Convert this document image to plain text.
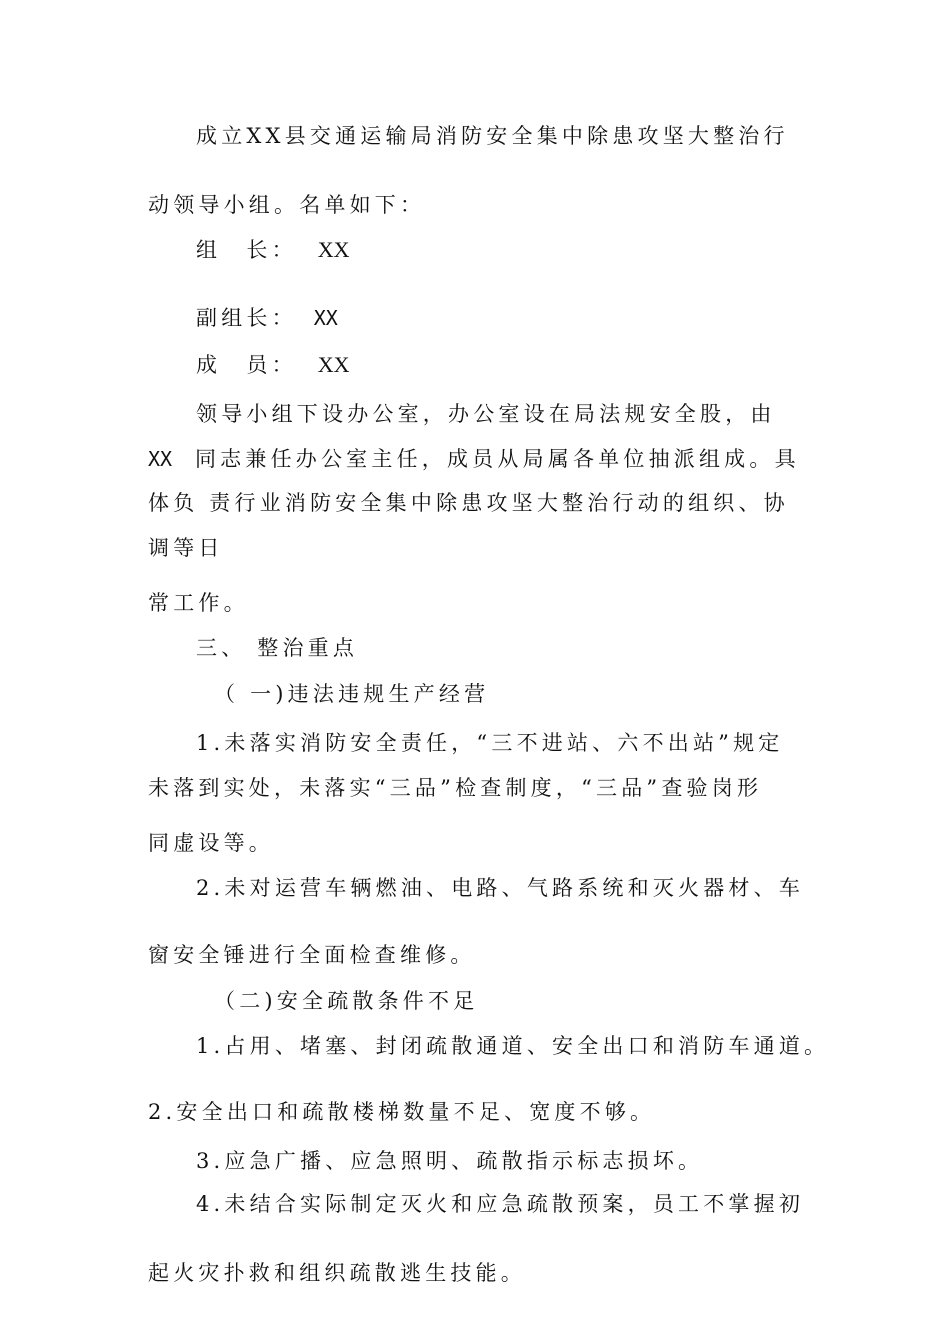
成立XX县交通运输局消防安全集中除患攻坚大整治行
动领导小组。名单如下：
组　长： XX
副组长： XX
成　员： XX
领导小组下设办公室，办公室设在局法规安全股，由
XX 同志兼任办公室主任，成员从局属各单位抽派组成。具
体负 责行业消防安全集中除患攻坚大整治行动的组织、协
调等日
常工作。
三、 整治重点
（ 一)违法违规生产经营
1.未落实消防安全责任，“三不进站、六不出站”规定
未落到实处，未落实“三品”检查制度，“三品”查验岗形
同虚设等。
2.未对运营车辆燃油、电路、气路系统和灭火器材、车
窗安全锤进行全面检查维修。
（二)安全疏散条件不足
1.占用、堵塞、封闭疏散通道、安全出口和消防车通道。
2.安全出口和疏散楼梯数量不足、宽度不够。
3.应急广播、应急照明、疏散指示标志损坏。
4.未结合实际制定灭火和应急疏散预案，员工不掌握初
起火灾扑救和组织疏散逃生技能。
